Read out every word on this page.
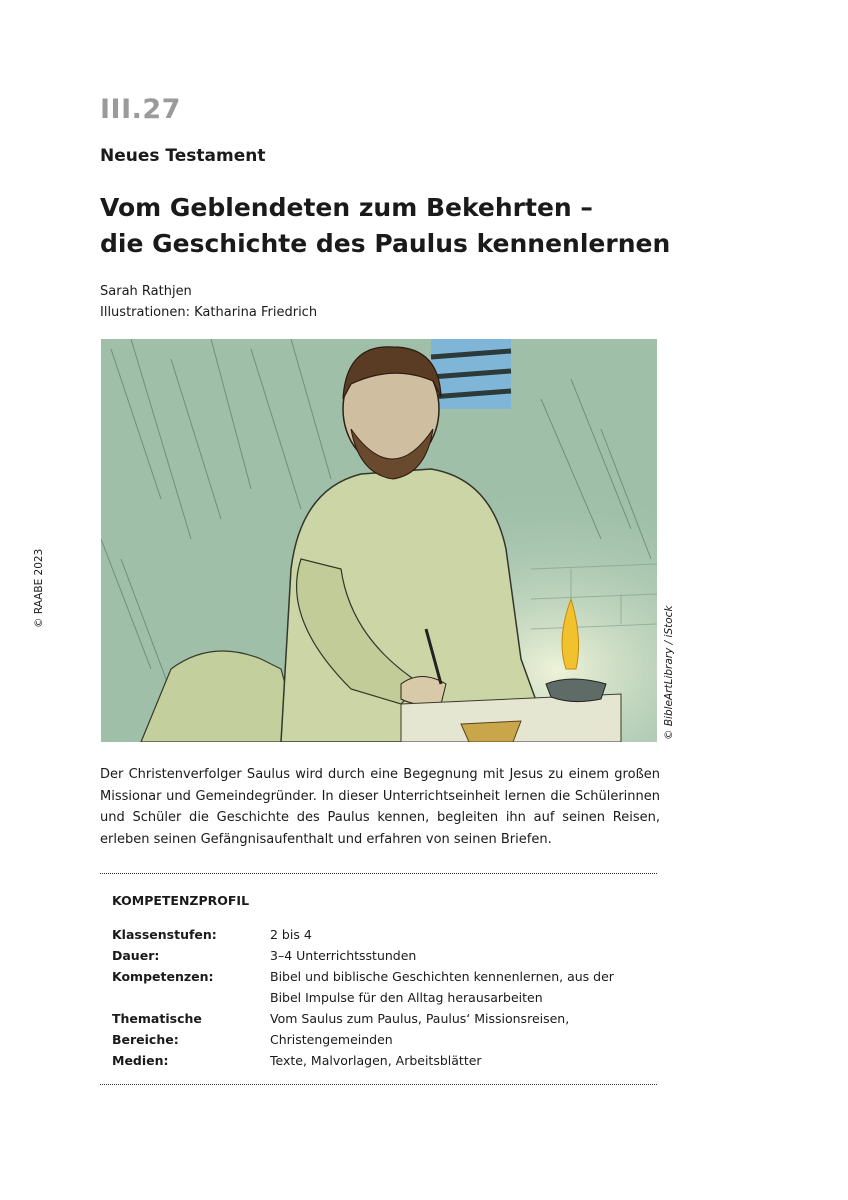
III.27
Neues Testament
Vom Geblendeten zum Bekehrten –
die Geschichte des Paulus kennenlernen
Sarah Rathjen
Illustrationen: Katharina Friedrich
© RAABE 2023
© BibleArtLibrary / iStock
Der Christenverfolger Saulus wird durch eine Begegnung mit Jesus zu einem großen Missionar und Gemeindegründer. In dieser Unterrichtseinheit lernen die Schülerinnen und Schüler die Geschichte des Paulus kennen, begleiten ihn auf seinen Reisen, erleben seinen Gefängnisaufenthalt und erfahren von seinen Briefen.
KOMPETENZPROFIL
Klassenstufen:	2 bis 4
Dauer:	3–4 Unterrichtsstunden
Kompetenzen:	Bibel und biblische Geschichten kennenlernen, aus der Bibel Impulse für den Alltag herausarbeiten
Thematische Bereiche:
Vom Saulus zum Paulus, Paulus‘ Missionsreisen, Christengemeinden
Medien:	Texte, Malvorlagen, Arbeitsblätter
